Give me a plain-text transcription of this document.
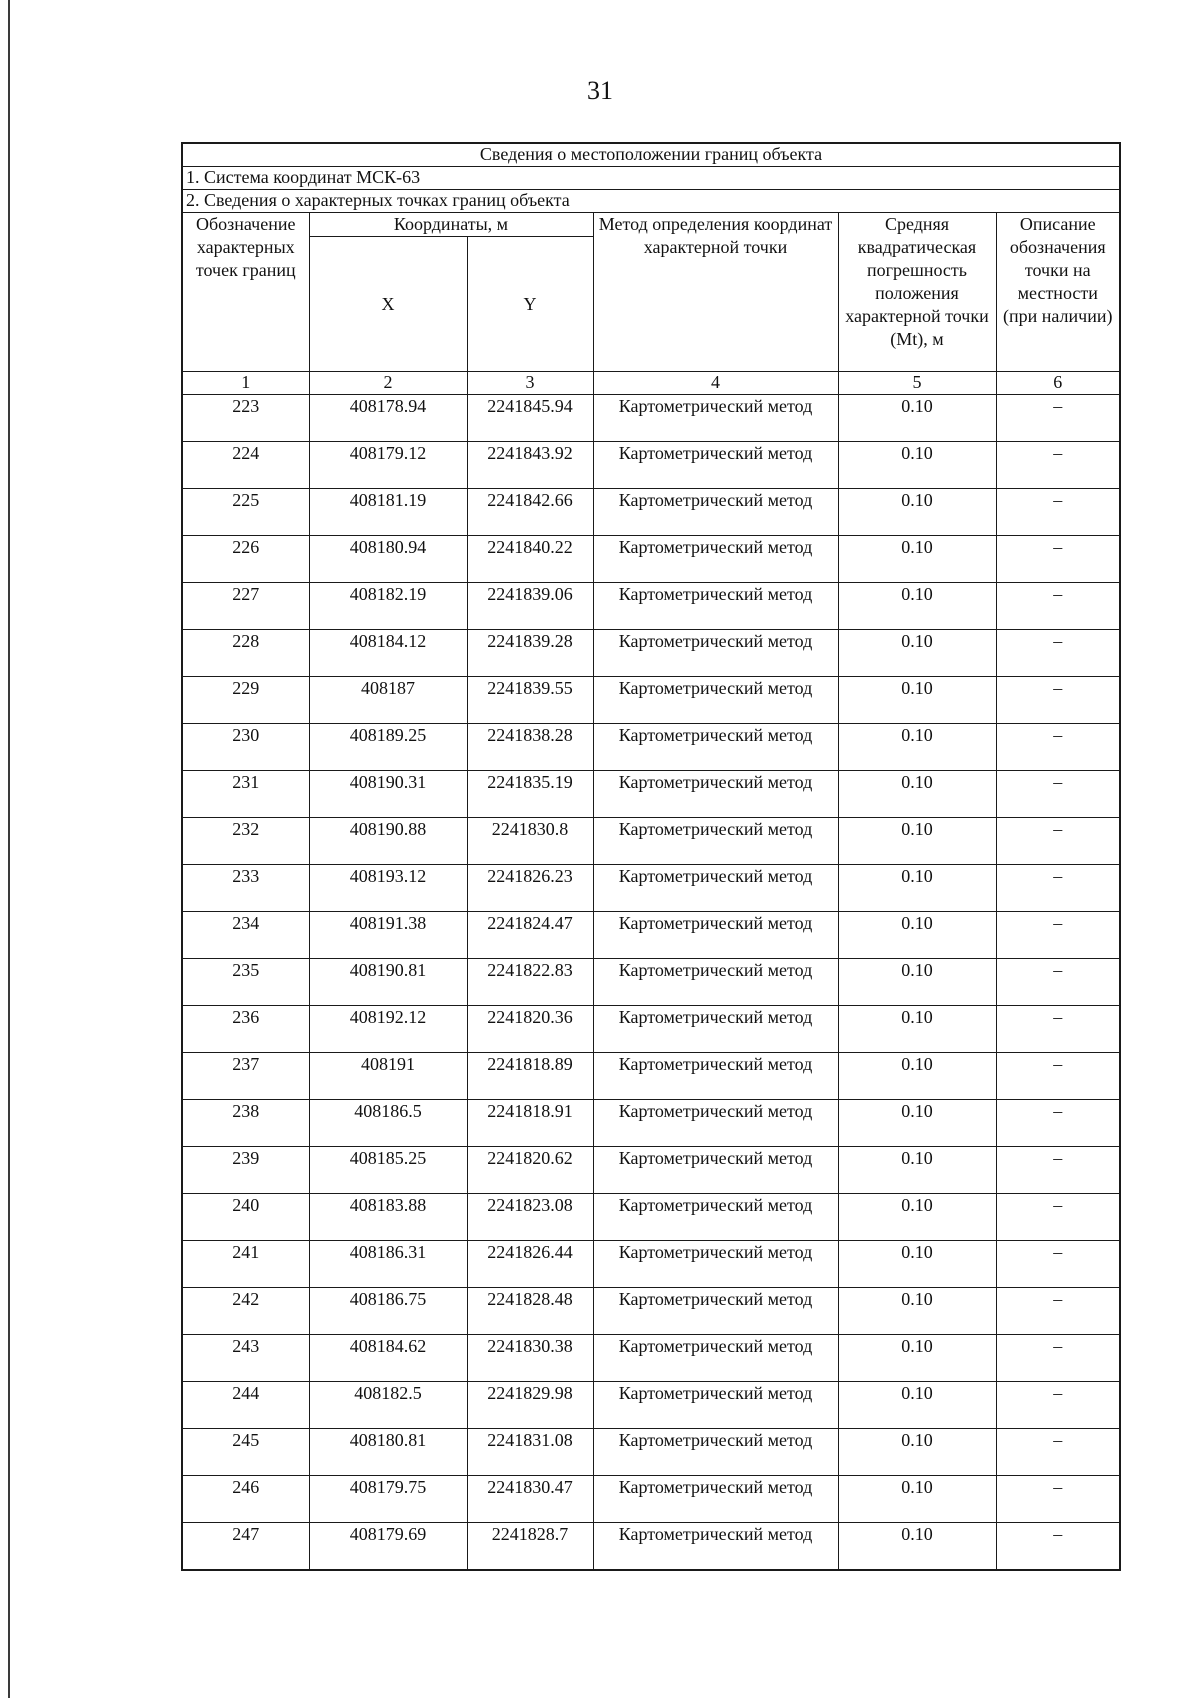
31
Сведения о местоположении границ объекта					
1. Система координат МСК-63					
2. Сведения о характерных точках границ объекта					
Обозначение характерных точек границ	Координаты, м		Метод определения координат характерной точки	Средняя квадратическая погрешность положения характерной точки (Mt), м	Описание обозначения точки на местности (при наличии)
	X	Y			
1	2	3	4	5	6
223	408178.94	2241845.94	Картометрический метод	0.10	–
224	408179.12	2241843.92	Картометрический метод	0.10	–
225	408181.19	2241842.66	Картометрический метод	0.10	–
226	408180.94	2241840.22	Картометрический метод	0.10	–
227	408182.19	2241839.06	Картометрический метод	0.10	–
228	408184.12	2241839.28	Картометрический метод	0.10	–
229	408187	2241839.55	Картометрический метод	0.10	–
230	408189.25	2241838.28	Картометрический метод	0.10	–
231	408190.31	2241835.19	Картометрический метод	0.10	–
232	408190.88	2241830.8	Картометрический метод	0.10	–
233	408193.12	2241826.23	Картометрический метод	0.10	–
234	408191.38	2241824.47	Картометрический метод	0.10	–
235	408190.81	2241822.83	Картометрический метод	0.10	–
236	408192.12	2241820.36	Картометрический метод	0.10	–
237	408191	2241818.89	Картометрический метод	0.10	–
238	408186.5	2241818.91	Картометрический метод	0.10	–
239	408185.25	2241820.62	Картометрический метод	0.10	–
240	408183.88	2241823.08	Картометрический метод	0.10	–
241	408186.31	2241826.44	Картометрический метод	0.10	–
242	408186.75	2241828.48	Картометрический метод	0.10	–
243	408184.62	2241830.38	Картометрический метод	0.10	–
244	408182.5	2241829.98	Картометрический метод	0.10	–
245	408180.81	2241831.08	Картометрический метод	0.10	–
246	408179.75	2241830.47	Картометрический метод	0.10	–
247	408179.69	2241828.7	Картометрический метод	0.10	–
